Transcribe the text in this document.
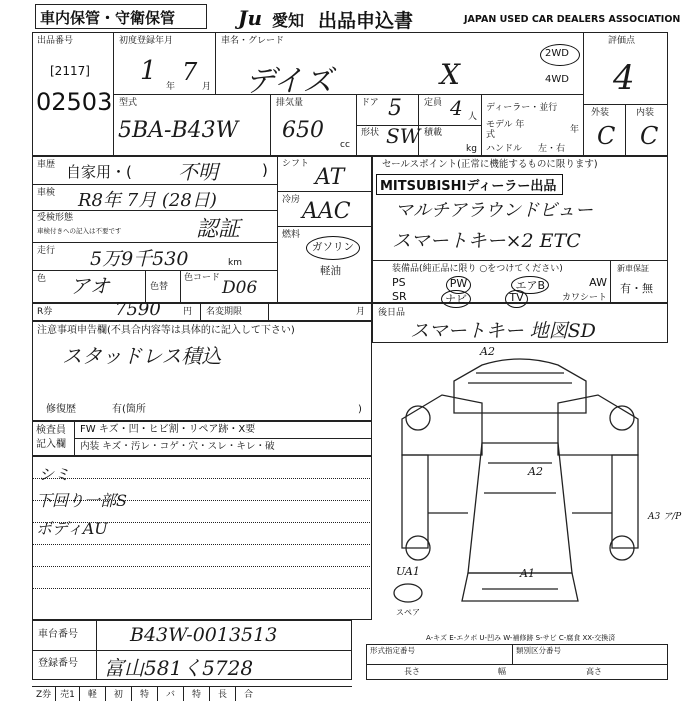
車内保管・守衛保管	Ju 愛知 出品申込書	JAPAN USED CAR DEALERS ASSOCIATION
出品番号
[2117]
02503
初度登録年月
1
年
7
月
車名・グレード
デイズ	X
2WD
4WD
評価点
4
外装	内装
C C
型式
5BA-B43W
排気量
650
cc
ドア 5
形状 SW
定員 4 人
積載
kg
ディーラー・並行
モデル 年式	年
ハンドル 左・右
車歴 自家用・( 不明	)
車検 R8年 7月 (28日)
受検形態
車検付きへの記入は不要です	認証
走行 5万9千530	km
色 アオ	色替
色コード D06
シフト
AT
冷房 AAC
燃料
ガソリン
軽油
セールスポイント(正常に機能するものに限ります)
MITSUBISHIディーラー出品
マルチアラウンドビュー
スマートキー×2 ETC
装備品(純正品に限り ○をつけてください)
PS	PW	エアB	AW
SR	ナビ	TV	カワシート
新車保証
有・無
R券	7590 円 名変期限	月 後日品
スマートキー 地図SD
注意事項申告欄(不具合内容等は具体的に記入して下さい)
スタッドレス積込
修復歴	有(箇所	)
検査員
記入欄
FW キズ・凹・ヒビ割・リペア跡・X要
内装 キズ・汚レ・コゲ・穴・スレ・キレ・破
シミ
下回り一部S
ボディAU
A2
A2
A3 ア/P
UA1	A1
スペア
A-キズ E-エクボ U-凹み W-補修跡 S-サビ C-腐食 XX-交換済
車台番号	B43W-0013513
登録番号 富山581く5728
形式指定番号	類別区分番号
長さ	幅	高さ
Z券	売1	軽	初	特	バ	特	長	合
